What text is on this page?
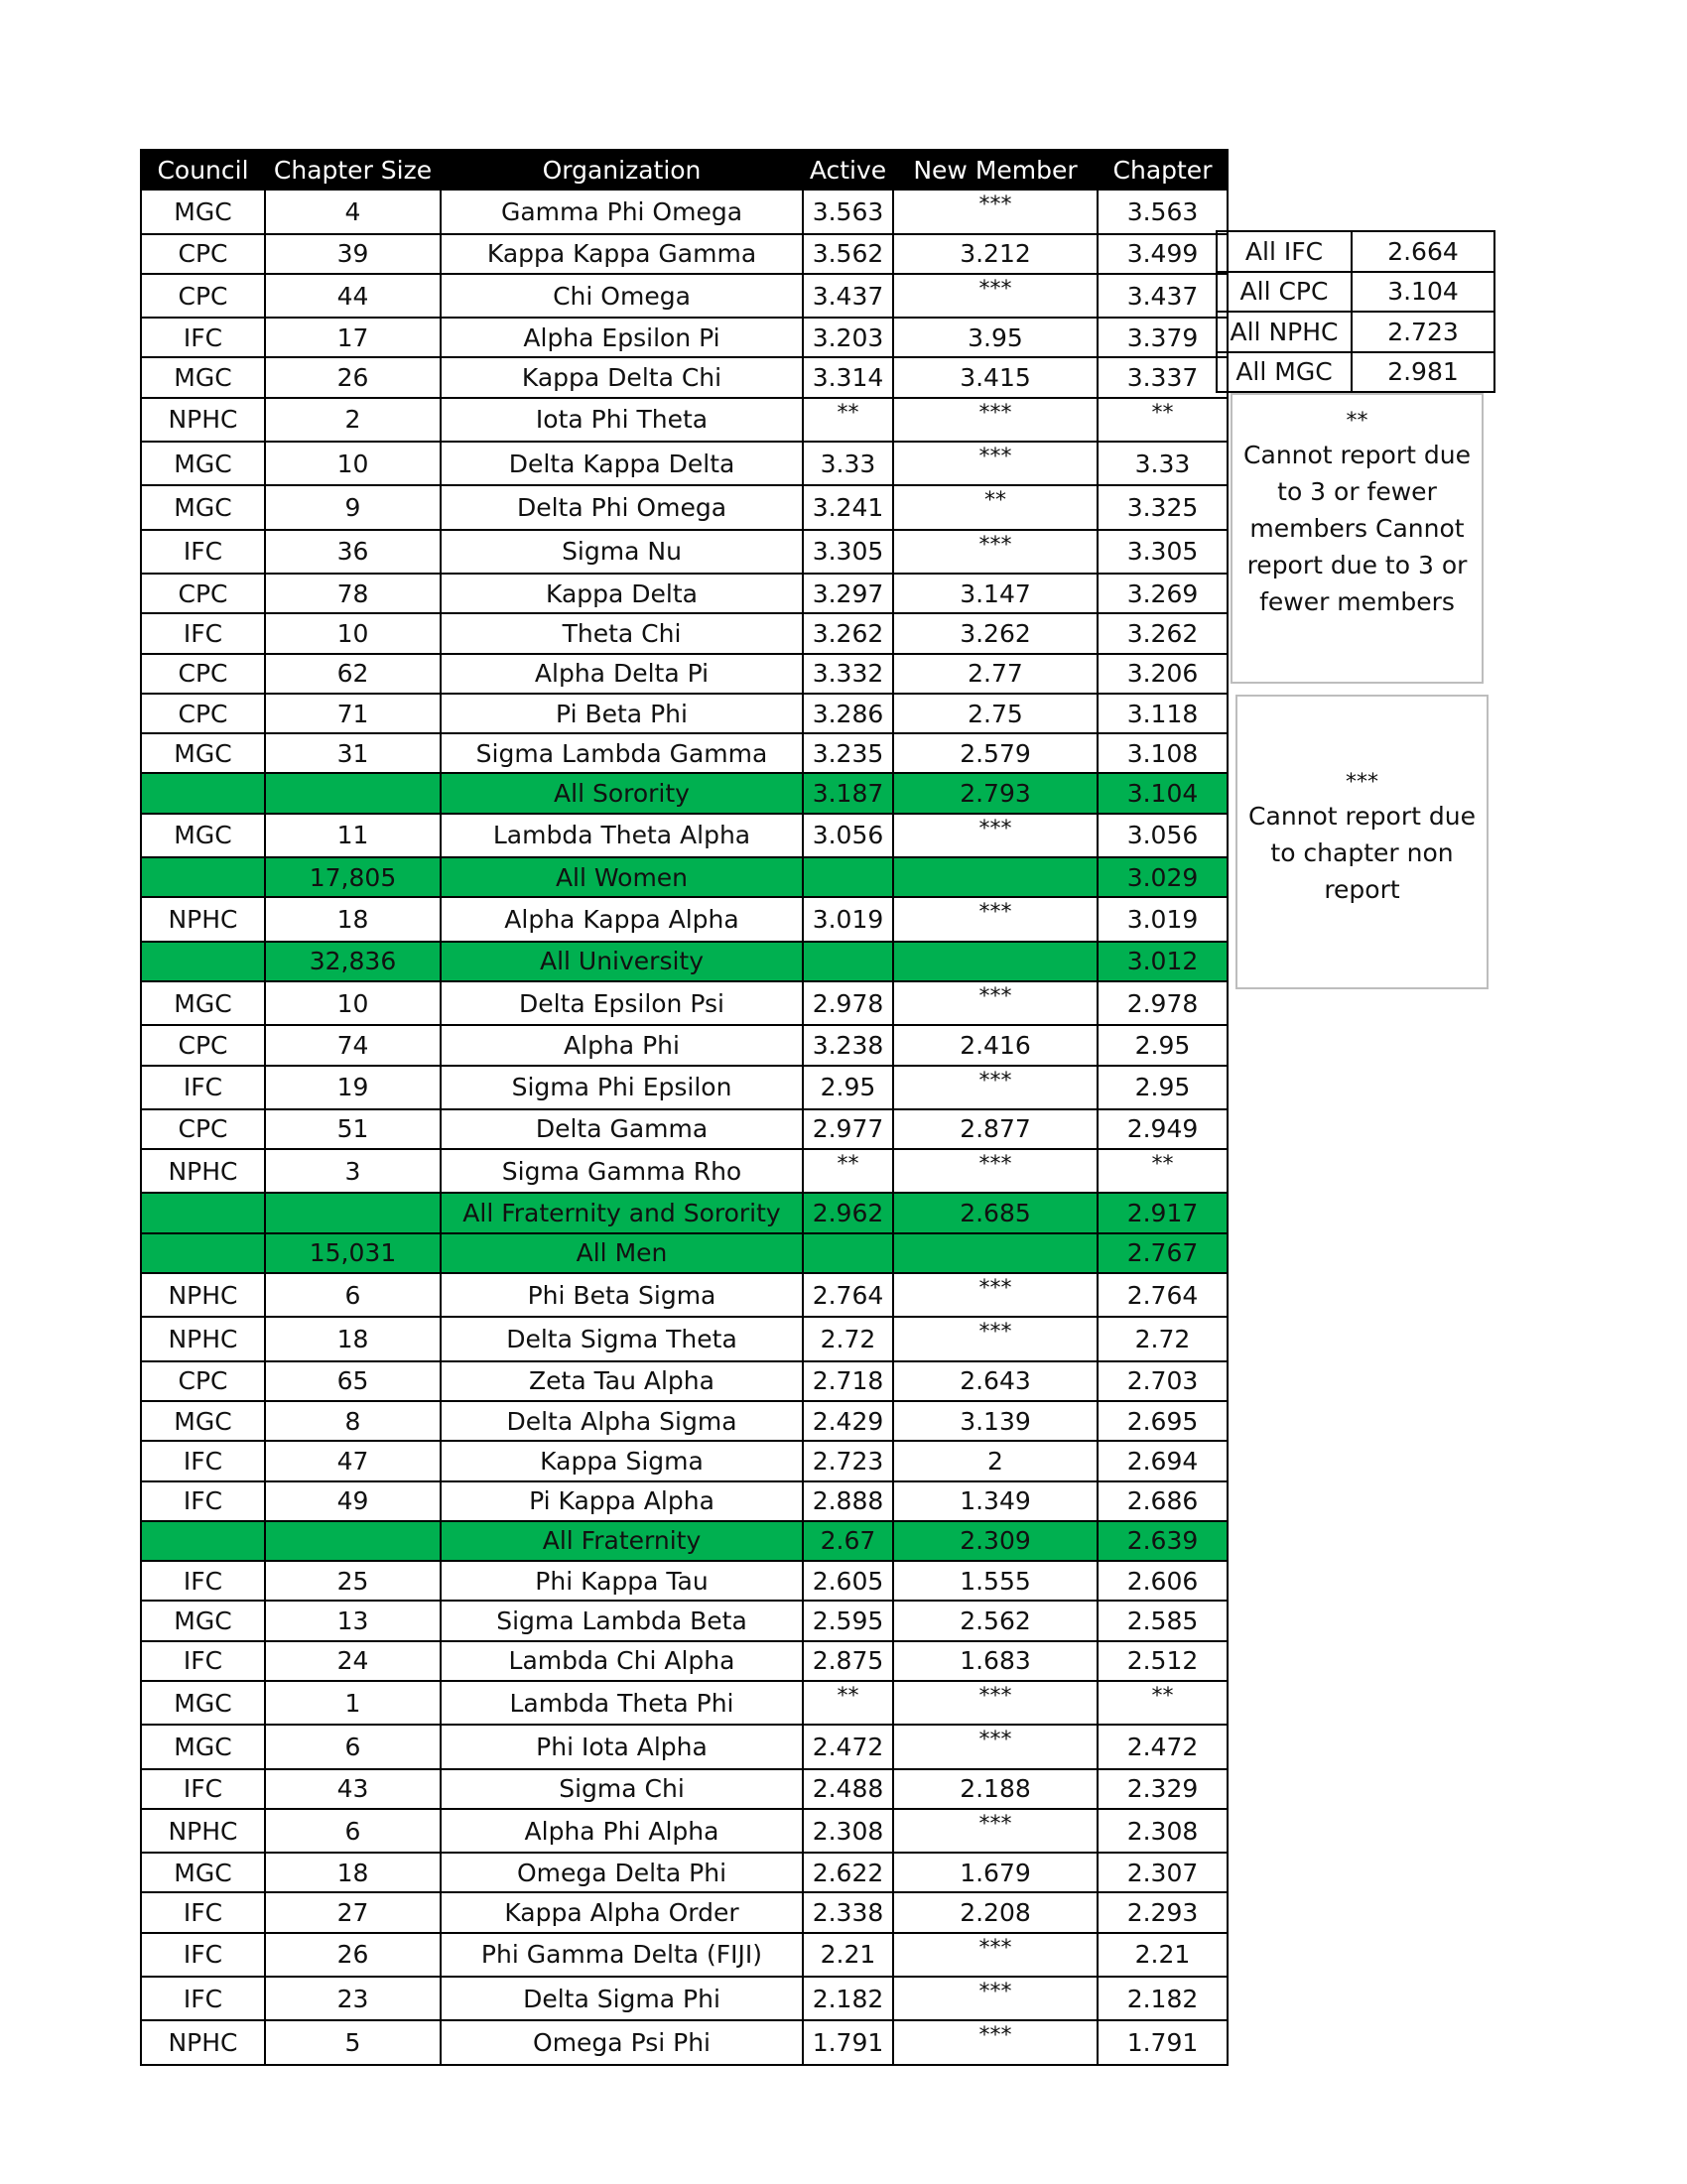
Council	Chapter Size	Organization	Active	New Member	Chapter
MGC	4	Gamma Phi Omega	3.563	***	3.563
CPC	39	Kappa Kappa Gamma	3.562	3.212	3.499
CPC	44	Chi Omega	3.437	***	3.437
IFC	17	Alpha Epsilon Pi	3.203	3.95	3.379
MGC	26	Kappa Delta Chi	3.314	3.415	3.337
NPHC	2	Iota Phi Theta	**	***	**
MGC	10	Delta Kappa Delta	3.33	***	3.33
MGC	9	Delta Phi Omega	3.241	**	3.325
IFC	36	Sigma Nu	3.305	***	3.305
CPC	78	Kappa Delta	3.297	3.147	3.269
IFC	10	Theta Chi	3.262	3.262	3.262
CPC	62	Alpha Delta Pi	3.332	2.77	3.206
CPC	71	Pi Beta Phi	3.286	2.75	3.118
MGC	31	Sigma Lambda Gamma	3.235	2.579	3.108
		All Sorority	3.187	2.793	3.104
MGC	11	Lambda Theta Alpha	3.056	***	3.056
	17,805	All Women			3.029
NPHC	18	Alpha Kappa Alpha	3.019	***	3.019
	32,836	All University			3.012
MGC	10	Delta Epsilon Psi	2.978	***	2.978
CPC	74	Alpha Phi	3.238	2.416	2.95
IFC	19	Sigma Phi Epsilon	2.95	***	2.95
CPC	51	Delta Gamma	2.977	2.877	2.949
NPHC	3	Sigma Gamma Rho	**	***	**
		All Fraternity and Sorority	2.962	2.685	2.917
	15,031	All Men			2.767
NPHC	6	Phi Beta Sigma	2.764	***	2.764
NPHC	18	Delta Sigma Theta	2.72	***	2.72
CPC	65	Zeta Tau Alpha	2.718	2.643	2.703
MGC	8	Delta Alpha Sigma	2.429	3.139	2.695
IFC	47	Kappa Sigma	2.723	2	2.694
IFC	49	Pi Kappa Alpha	2.888	1.349	2.686
		All Fraternity	2.67	2.309	2.639
IFC	25	Phi Kappa Tau	2.605	1.555	2.606
MGC	13	Sigma Lambda Beta	2.595	2.562	2.585
IFC	24	Lambda Chi Alpha	2.875	1.683	2.512
MGC	1	Lambda Theta Phi	**	***	**
MGC	6	Phi Iota Alpha	2.472	***	2.472
IFC	43	Sigma Chi	2.488	2.188	2.329
NPHC	6	Alpha Phi Alpha	2.308	***	2.308
MGC	18	Omega Delta Phi	2.622	1.679	2.307
IFC	27	Kappa Alpha Order	2.338	2.208	2.293
IFC	26	Phi Gamma Delta (FIJI)	2.21	***	2.21
IFC	23	Delta Sigma Phi	2.182	***	2.182
NPHC	5	Omega Psi Phi	1.791	***	1.791
All IFC	2.664
All CPC	3.104
All NPHC	2.723
All MGC	2.981
**
Cannot report due to 3 or fewer members Cannot report due to 3 or fewer members
***
Cannot report due to chapter non report
